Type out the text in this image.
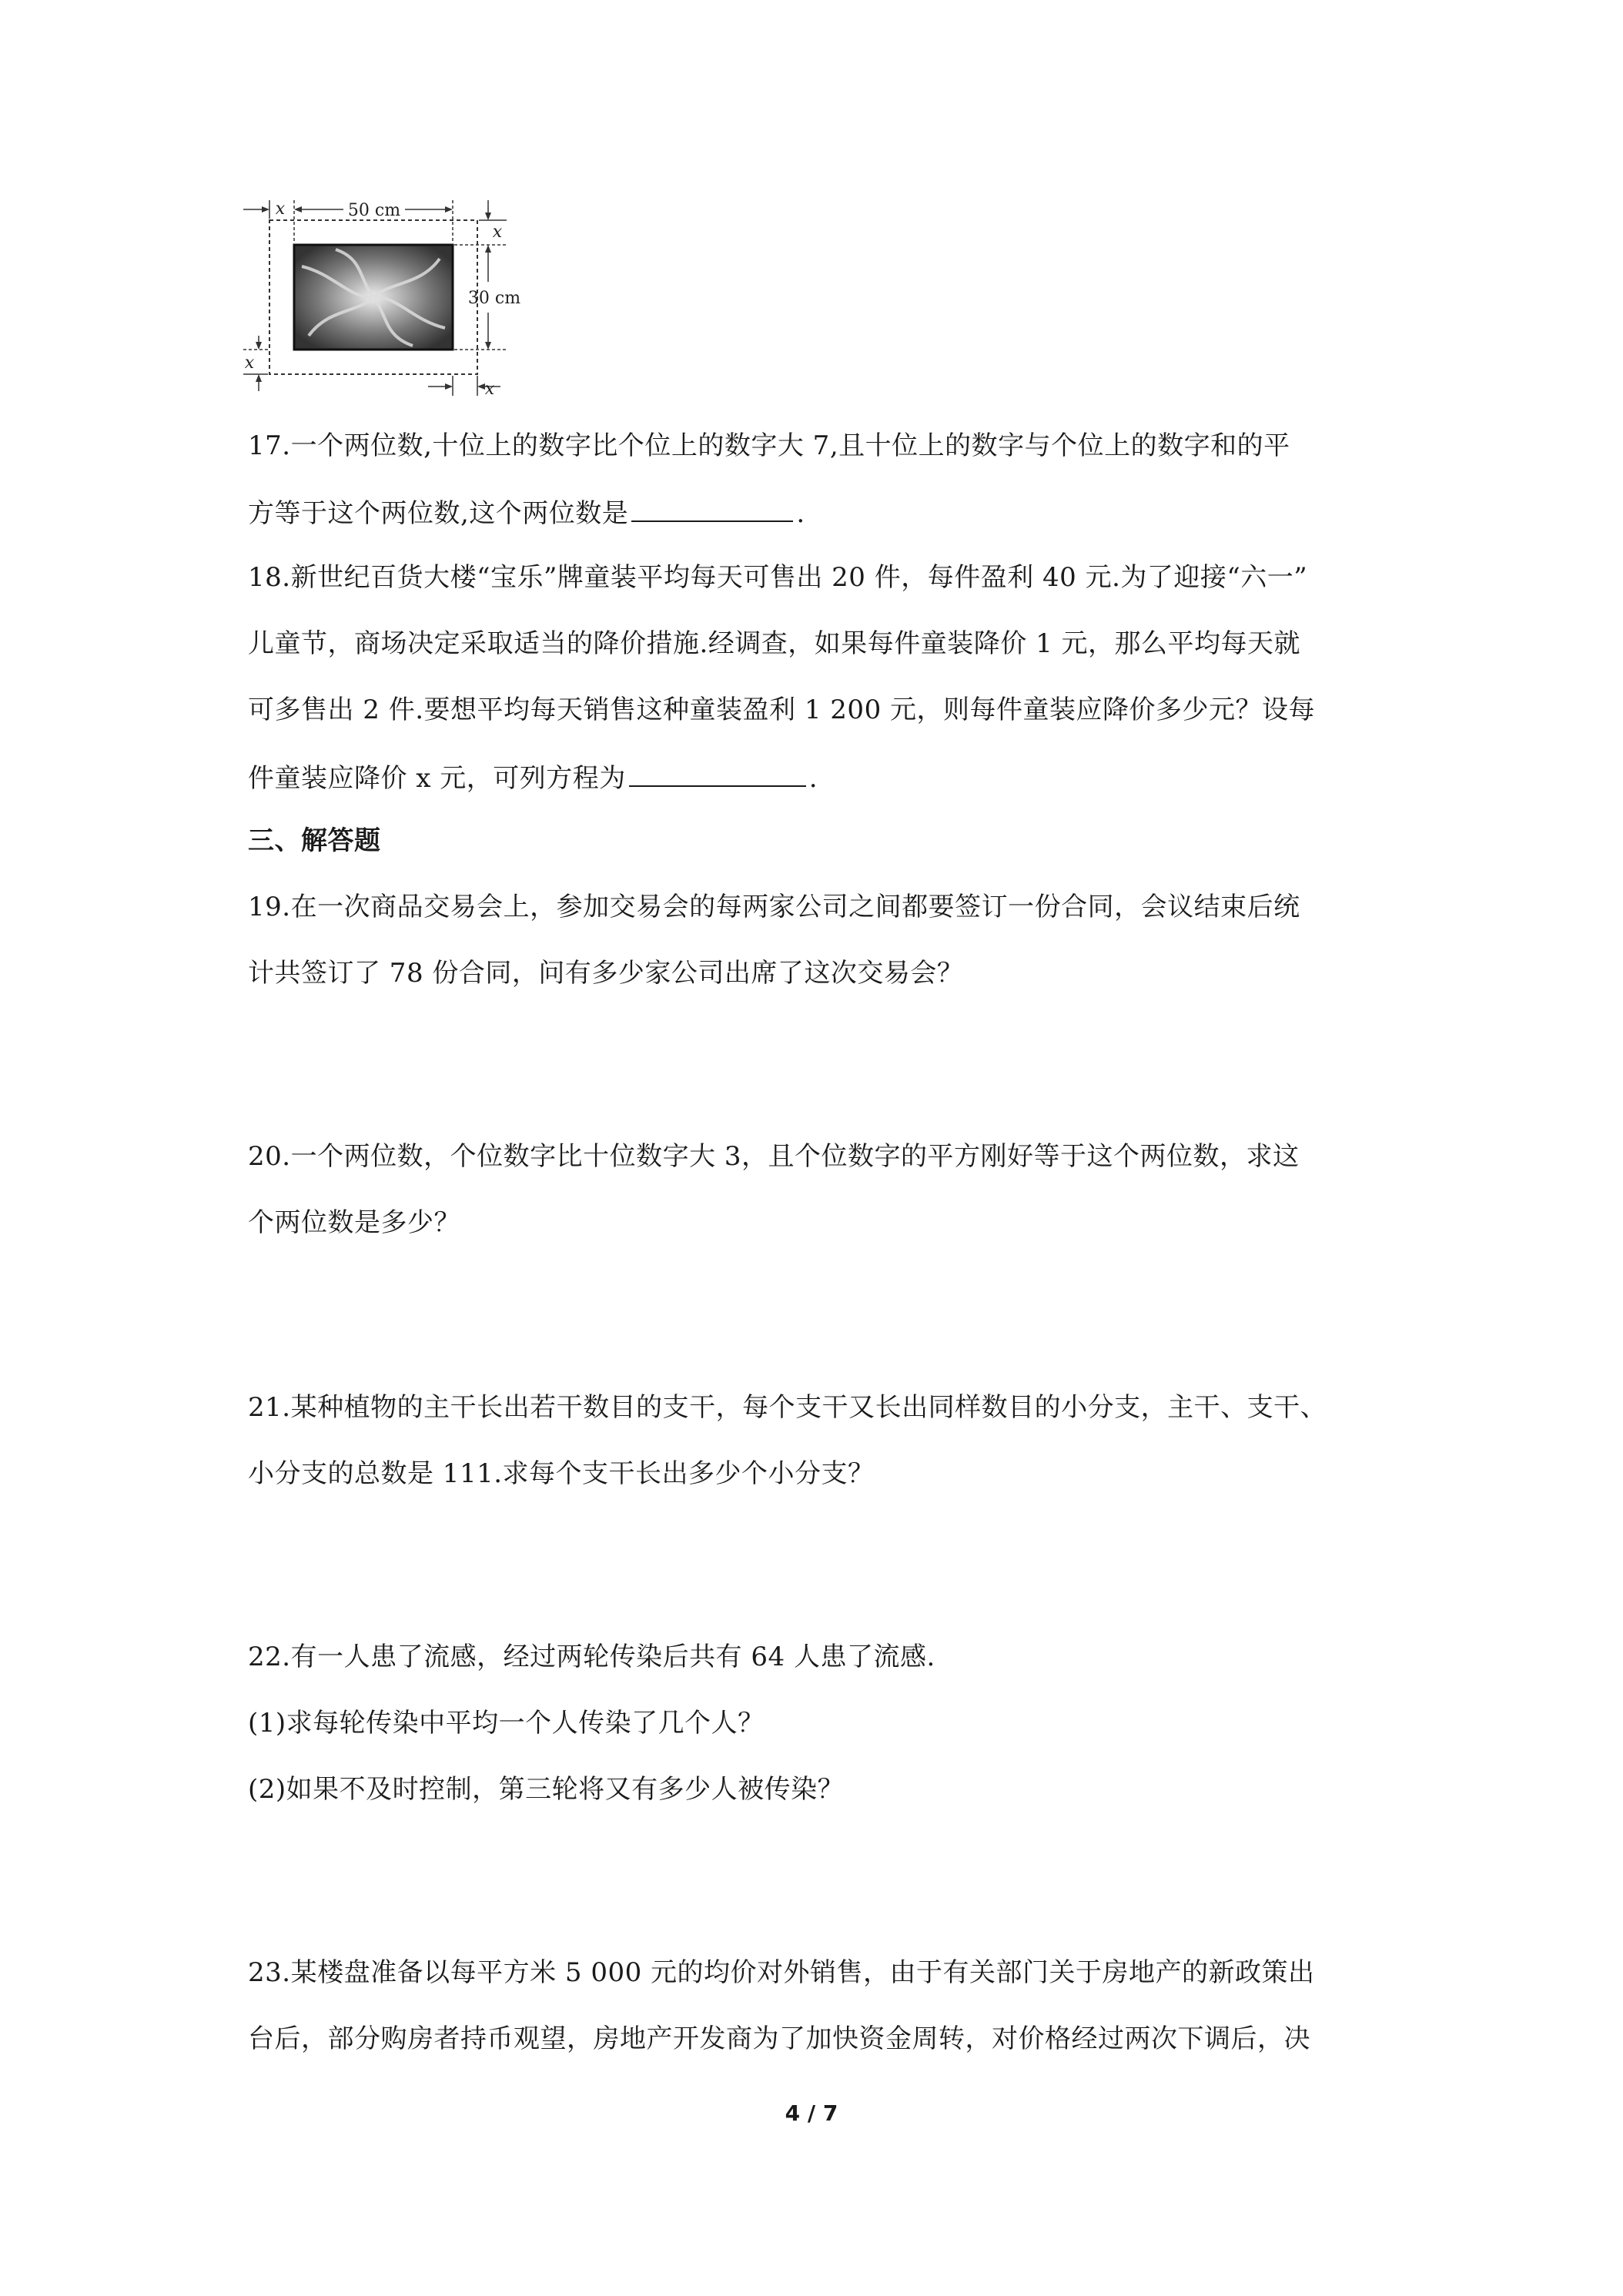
50 cm
x
30 cm
x
x
x
17.一个两位数,十位上的数字比个位上的数字大 7,且十位上的数字与个位上的数字和的平
方等于这个两位数,这个两位数是	.
18.新世纪百货大楼“宝乐”牌童装平均每天可售出 20 件，每件盈利 40 元.为了迎接“六一”
儿童节，商场决定采取适当的降价措施.经调查，如果每件童装降价 1 元，那么平均每天就
可多售出 2 件.要想平均每天销售这种童装盈利 1 200 元，则每件童装应降价多少元？设每
件童装应降价 x 元，可列方程为	.
三、解答题
19.在一次商品交易会上，参加交易会的每两家公司之间都要签订一份合同，会议结束后统
计共签订了 78 份合同，问有多少家公司出席了这次交易会？
20.一个两位数，个位数字比十位数字大 3，且个位数字的平方刚好等于这个两位数，求这
个两位数是多少？
21.某种植物的主干长出若干数目的支干，每个支干又长出同样数目的小分支，主干、支干、
小分支的总数是 111.求每个支干长出多少个小分支？
22.有一人患了流感，经过两轮传染后共有 64 人患了流感.
(1)求每轮传染中平均一个人传染了几个人？
(2)如果不及时控制，第三轮将又有多少人被传染？
23.某楼盘准备以每平方米 5 000 元的均价对外销售，由于有关部门关于房地产的新政策出
台后，部分购房者持币观望，房地产开发商为了加快资金周转，对价格经过两次下调后，决
4 / 7
